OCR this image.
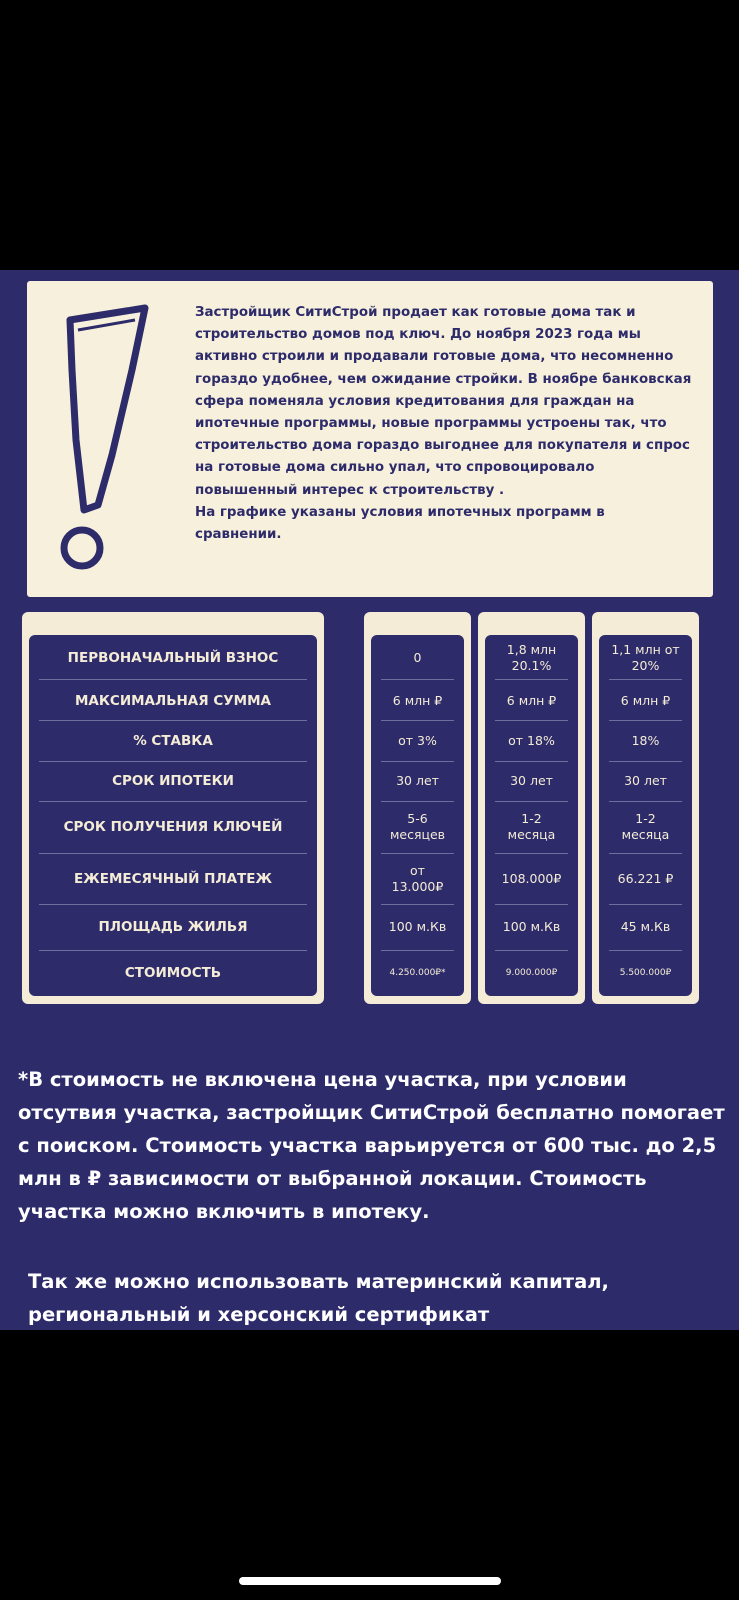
Застройщик СитиСтрой продает как готовые дома так и строительство домов под ключ. До ноября 2023 года мы активно строили и продавали готовые дома, что несомненно гораздо удобнее, чем ожидание стройки. В ноябре банковская сфера поменяла условия кредитования для граждан на ипотечные программы, новые программы устроены так, что строительство дома гораздо выгоднее для покупателя и спрос на готовые дома сильно упал, что спровоцировало повышенный интерес к строительству .

На графике указаны условия ипотечных программ в сравнении.

ПЕРВОНАЧАЛЬНЫЙ ВЗНОС
МАКСИМАЛЬНАЯ СУММА
% СТАВКА
СРОК ИПОТЕКИ
СРОК ПОЛУЧЕНИЯ КЛЮЧЕЙ
ЕЖЕМЕСЯЧНЫЙ ПЛАТЕЖ
ПЛОЩАДЬ ЖИЛЬЯ
СТОИМОСТЬ
0
6 млн ₽
от 3%
30 лет
5-6
месяцев
от
13.000₽
100 м.Кв
4.250.000₽*
1,8 млн
20.1%
6 млн ₽
от 18%
30 лет
1-2
месяца
108.000₽
100 м.Кв
9.000.000₽
1,1 млн от
20%
6 млн ₽
18%
30 лет
1-2
месяца
66.221 ₽
45 м.Кв
5.500.000₽

*В стоимость не включена цена участка, при условии отсутвия участка, застройщик СитиСтрой бесплатно помогает с поиском. Стоимость участка варьируется от 600 тыс. до 2,5 млн в ₽ зависимости от выбранной локации. Стоимость участка можно включить в ипотеку.

Так же можно использовать материнский капитал, региональный и херсонский сертификат
